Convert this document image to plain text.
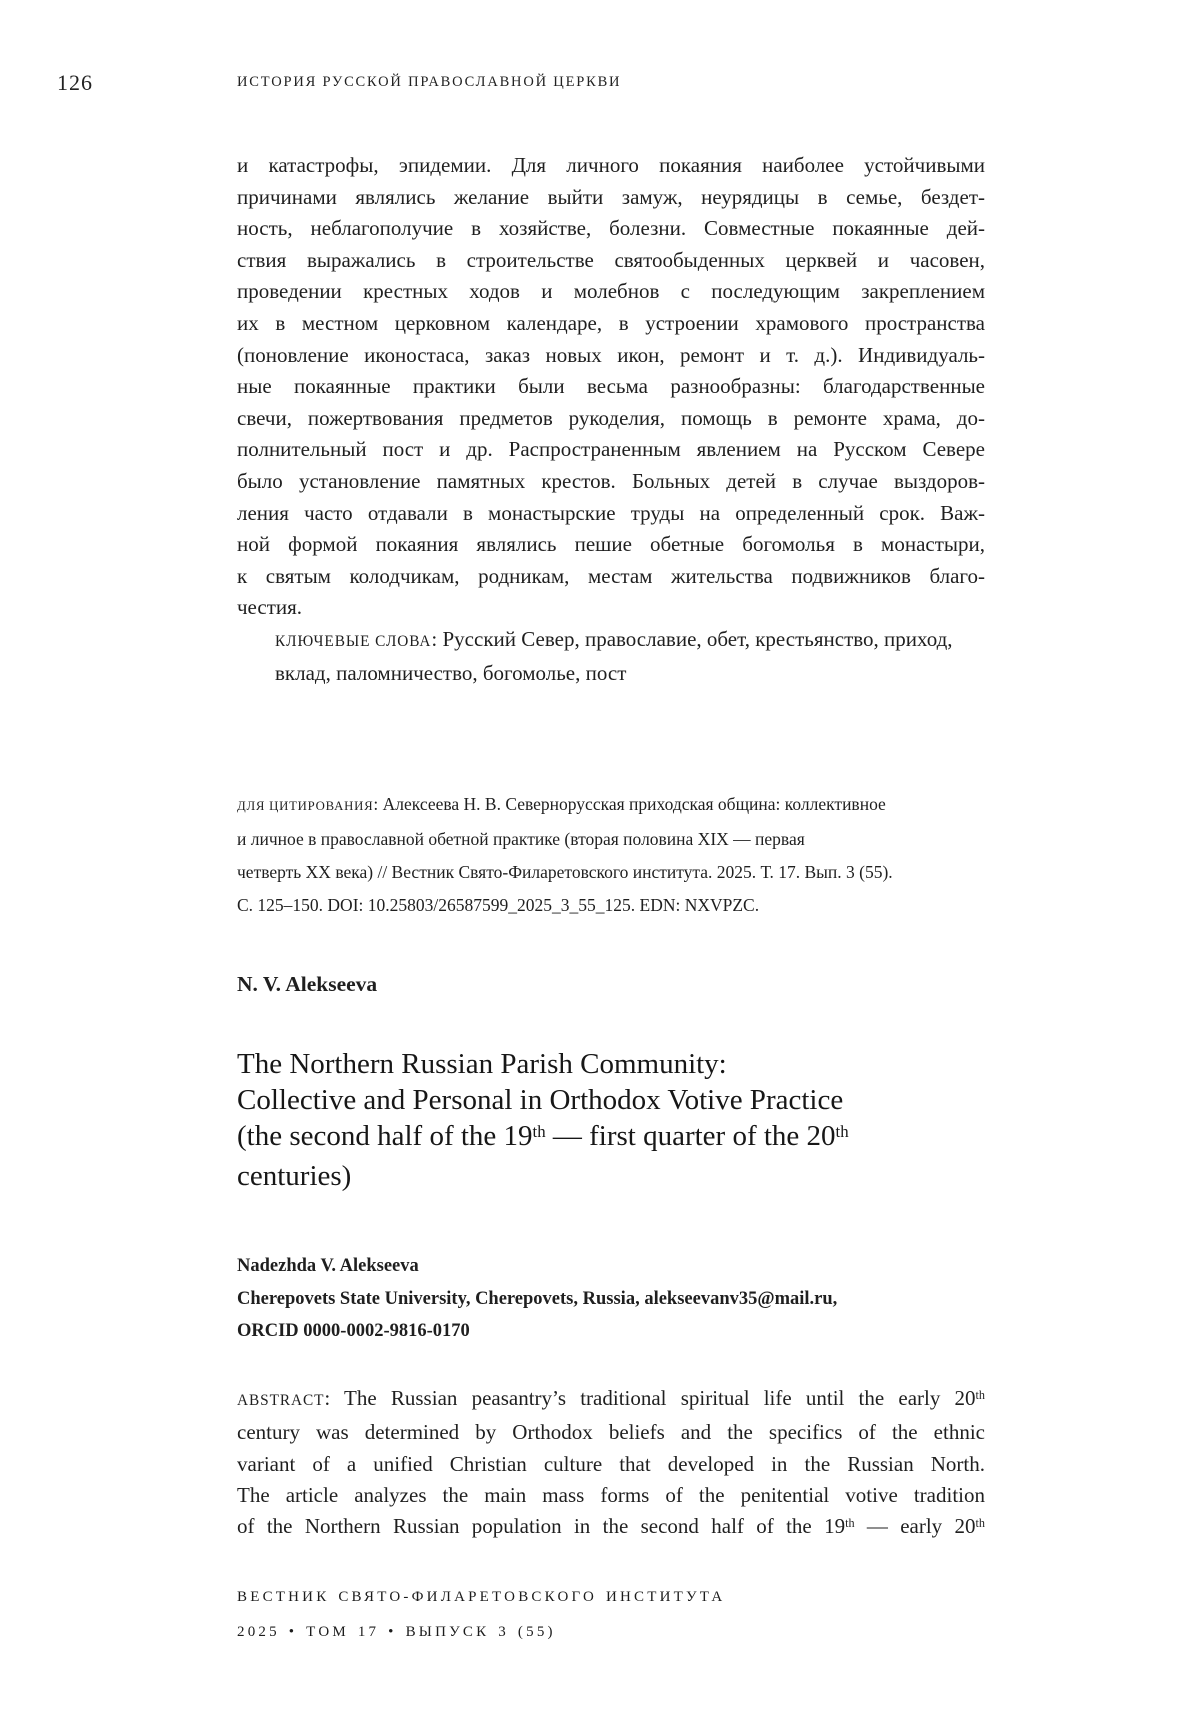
126	ИСТОРИЯ РУССКОЙ ПРАВОСЛАВНОЙ ЦЕРКВИ
и катастрофы, эпидемии. Для личного покаяния наиболее устойчивыми
причинами являлись желание выйти замуж, неурядицы в семье, бездет-
ность, неблагополучие в хозяйстве, болезни. Совместные покаянные дей-
ствия выражались в строительстве святообыденных церквей и часовен,
проведении крестных ходов и молебнов с последующим закреплением
их в местном церковном календаре, в устроении храмового пространства
(поновление иконостаса, заказ новых икон, ремонт и т. д.). Индивидуаль-
ные покаянные практики были весьма разнообразны: благодарственные
свечи, пожертвования предметов рукоделия, помощь в ремонте храма, до-
полнительный пост и др. Распространенным явлением на Русском Севере
было установление памятных крестов. Больных детей в случае выздоров-
ления часто отдавали в монастырские труды на определенный срок. Важ-
ной формой покаяния являлись пешие обетные богомолья в монастыри,
к святым колодчикам, родникам, местам жительства подвижников благо-
честия.
КЛЮЧЕВЫЕ СЛОВА: Русский Север, православие, обет, крестьянство, приход,
вклад, паломничество, богомолье, пост
ДЛЯ ЦИТИРОВАНИЯ: Алексеева Н. В. Севернорусская приходская община: коллективное
и личное в православной обетной практике (вторая половина XIX — первая
четверть XX века) // Вестник Свято-Филаретовского института. 2025. Т. 17. Вып. 3 (55).
С. 125–150. DOI: 10.25803/26587599_2025_3_55_125. EDN: NXVPZC.
N. V. Alekseeva
The Northern Russian Parish Community:
Collective and Personal in Orthodox Votive Practice
(the second half of the 19th — first quarter of the 20th
centuries)
Nadezhda V. Alekseeva
Cherepovets State University, Cherepovets, Russia, alekseevanv35@mail.ru,
ORCID 0000-0002-9816-0170
ABSTRACT: The Russian peasantry’s traditional spiritual life until the early 20th
century was determined by Orthodox beliefs and the specifics of the ethnic
variant of a unified Christian culture that developed in the Russian North.
The article analyzes the main mass forms of the penitential votive tradition
of the Northern Russian population in the second half of the 19th — early 20th
ВЕСТНИК СВЯТО-ФИЛАРЕТОВСКОГО ИНСТИТУТА
2025 • ТОМ 17 • ВЫПУСК 3 (55)
